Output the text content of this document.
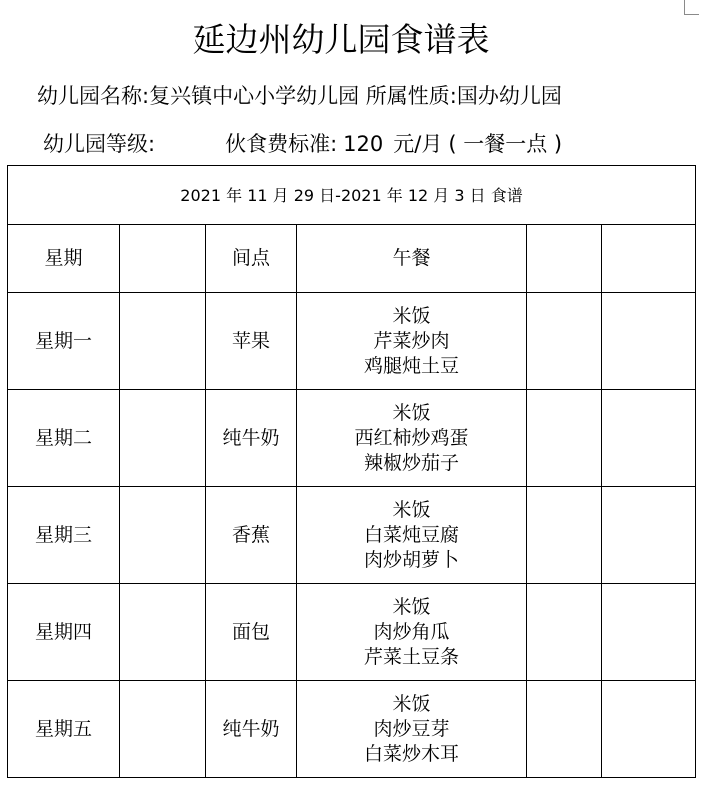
延边州幼儿园食谱表
幼儿园名称:复兴镇中心小学幼儿园 所属性质:国办幼儿园
幼儿园等级:	伙食费标准: 120 元/月 ( 一餐一点 )
2021 年 11 月 29 日-2021 年 12 月 3 日 食谱					
星期		间点	午餐		
星期一		苹果	米饭
芹菜炒肉
鸡腿炖土豆		

星期二		纯牛奶	米饭
西红柿炒鸡蛋
辣椒炒茄子		

星期三		香蕉	米饭
白菜炖豆腐
肉炒胡萝卜		

星期四		面包	米饭
肉炒角瓜
芹菜土豆条		

星期五		纯牛奶	米饭
肉炒豆芽
白菜炒木耳		
